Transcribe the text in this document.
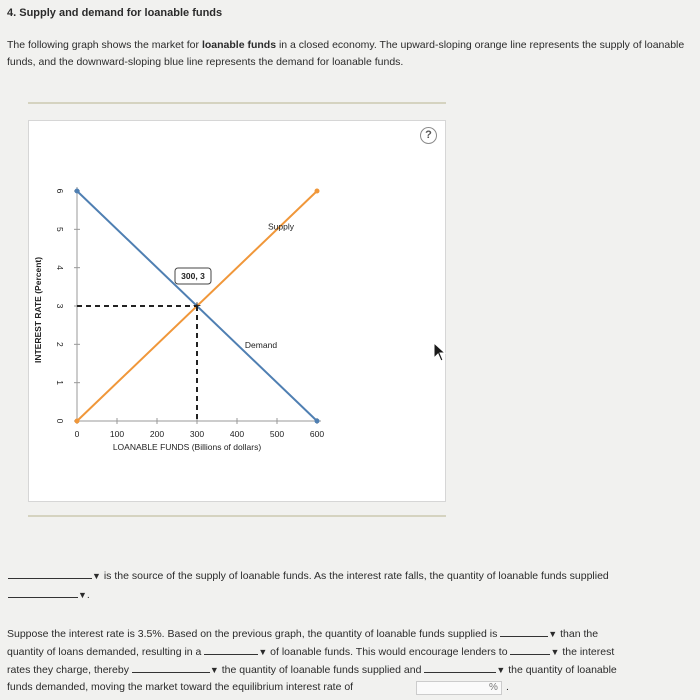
4. Supply and demand for loanable funds
The following graph shows the market for loanable funds in a closed economy. The upward-sloping orange line represents the supply of loanable funds, and the downward-sloping blue line represents the demand for loanable funds.
?
0
1
2
3
4
5
6
0	100	200	300	400	500	600
+
LOANABLE FUNDS (Billions of dollars)
INTEREST RATE (Percent)
Supply
Demand
300, 3
▼ is the source of the supply of loanable funds. As the interest rate falls, the quantity of loanable funds supplied
▼.
Suppose the interest rate is 3.5%. Based on the previous graph, the quantity of loanable funds supplied is	▼ than the
quantity of loans demanded, resulting in a	▼ of loanable funds. This would encourage lenders to	▼ the interest
rates they charge, thereby	▼ the quantity of loanable funds supplied and	▼ the quantity of loanable
funds demanded, moving the market toward the equilibrium interest rate of	% .
